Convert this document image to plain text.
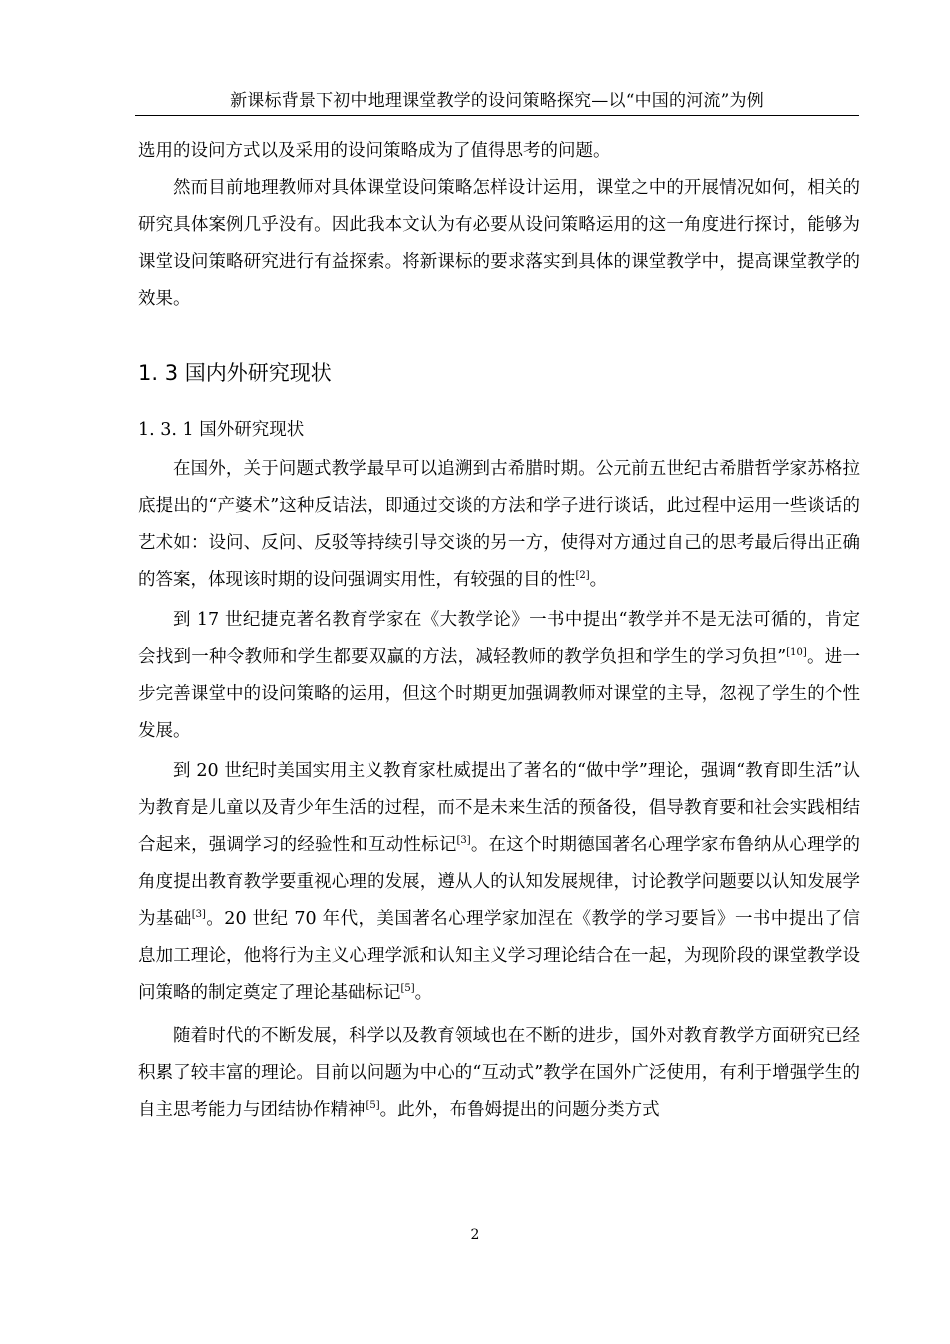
新课标背景下初中地理课堂教学的设问策略探究—以“中国的河流”为例

选用的设问方式以及采用的设问策略成为了值得思考的问题。

然而目前地理教师对具体课堂设问策略怎样设计运用，课堂之中的开展情况如何，相关的研究具体案例几乎没有。因此我本文认为有必要从设问策略运用的这一角度进行探讨，能够为课堂设问策略研究进行有益探索。将新课标的要求落实到具体的课堂教学中，提高课堂教学的效果。

1. 3 国内外研究现状
1. 3. 1 国外研究现状

在国外，关于问题式教学最早可以追溯到古希腊时期。公元前五世纪古希腊哲学家苏格拉底提出的“产婆术”这种反诘法，即通过交谈的方法和学子进行谈话，此过程中运用一些谈话的艺术如：设问、反问、反驳等持续引导交谈的另一方，使得对方通过自己的思考最后得出正确的答案，体现该时期的设问强调实用性，有较强的目的性[2]。

到 17 世纪捷克著名教育学家在《大教学论》一书中提出“教学并不是无法可循的，肯定会找到一种令教师和学生都要双赢的方法，减轻教师的教学负担和学生的学习负担”[10]。进一步完善课堂中的设问策略的运用，但这个时期更加强调教师对课堂的主导，忽视了学生的个性发展。

到 20 世纪时美国实用主义教育家杜威提出了著名的“做中学”理论，强调“教育即生活”认为教育是儿童以及青少年生活的过程，而不是未来生活的预备役，倡导教育要和社会实践相结合起来，强调学习的经验性和互动性标记[3]。在这个时期德国著名心理学家布鲁纳从心理学的角度提出教育教学要重视心理的发展，遵从人的认知发展规律，讨论教学问题要以认知发展学为基础[3]。20 世纪 70 年代，美国著名心理学家加涅在《教学的学习要旨》一书中提出了信息加工理论，他将行为主义心理学派和认知主义学习理论结合在一起，为现阶段的课堂教学设问策略的制定奠定了理论基础标记[5]。

随着时代的不断发展，科学以及教育领域也在不断的进步，国外对教育教学方面研究已经积累了较丰富的理论。目前以问题为中心的“互动式”教学在国外广泛使用，有利于增强学生的自主思考能力与团结协作精神[5]。此外，布鲁姆提出的问题分类方式

2
